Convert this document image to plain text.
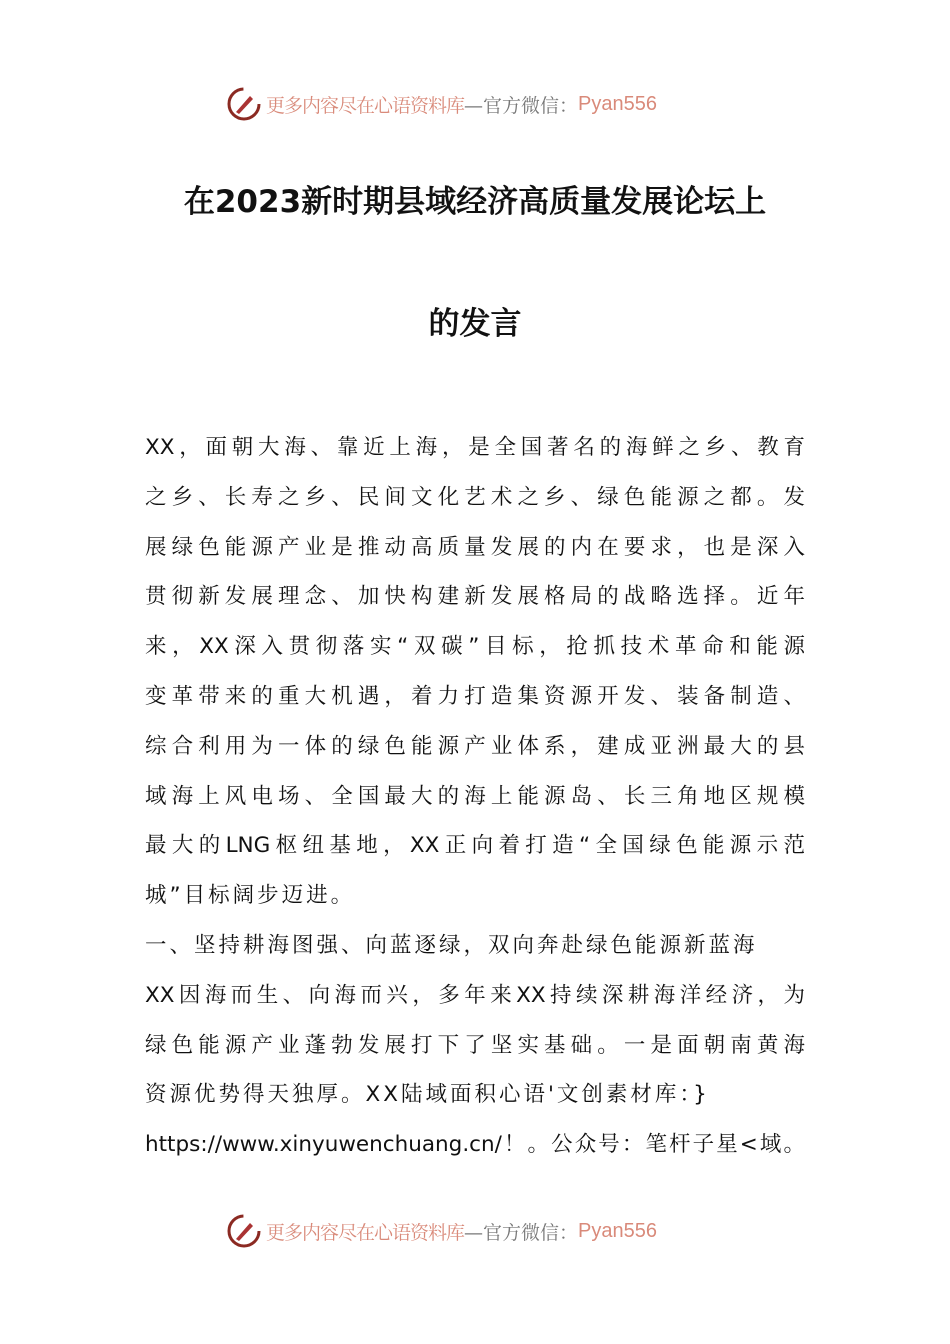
更多内容尽在心语资料库 —官方微信： Pyan556
在2023新时期县域经济高质量发展论坛上
的发言
XX，面朝大海、靠近上海，是全国著名的海鲜之乡、教育
之乡、长寿之乡、民间文化艺术之乡、绿色能源之都。发
展绿色能源产业是推动高质量发展的内在要求，也是深入
贯彻新发展理念、加快构建新发展格局的战略选择。近年
来，XX深入贯彻落实“双碳”目标，抢抓技术革命和能源
变革带来的重大机遇，着力打造集资源开发、装备制造、
综合利用为一体的绿色能源产业体系，建成亚洲最大的县
域海上风电场、全国最大的海上能源岛、长三角地区规模
最大的LNG枢纽基地，XX正向着打造“全国绿色能源示范
城”目标阔步迈进。
一、坚持耕海图强、向蓝逐绿，双向奔赴绿色能源新蓝海
XX因海而生、向海而兴，多年来XX持续深耕海洋经济，为
绿色能源产业蓬勃发展打下了坚实基础。一是面朝南黄海
资源优势得天独厚。XX陆域面积心语'文创素材库：}
https://www.xinyuwenchuang.cn/！。公众号：笔杆子星<域。
更多内容尽在心语资料库 —官方微信： Pyan556
